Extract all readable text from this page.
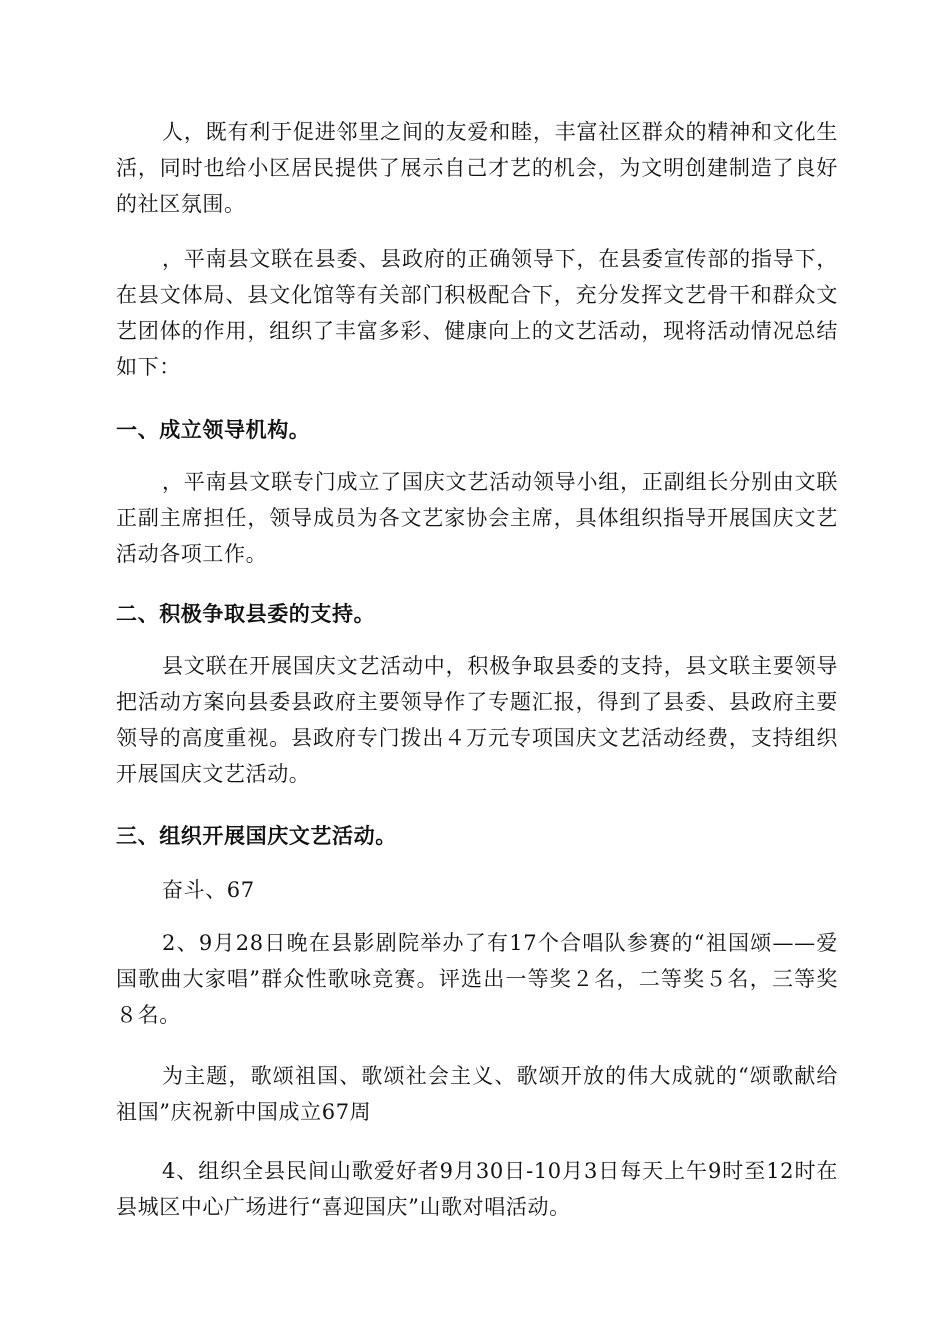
人，既有利于促进邻里之间的友爱和睦，丰富社区群众的精神和文化生活，同时也给小区居民提供了展示自己才艺的机会，为文明创建制造了良好的社区氛围。

，平南县文联在县委、县政府的正确领导下，在县委宣传部的指导下，在县文体局、县文化馆等有关部门积极配合下，充分发挥文艺骨干和群众文艺团体的作用，组织了丰富多彩、健康向上的文艺活动，现将活动情况总结如下：

一、成立领导机构。

，平南县文联专门成立了国庆文艺活动领导小组，正副组长分别由文联正副主席担任，领导成员为各文艺家协会主席，具体组织指导开展国庆文艺活动各项工作。

二、积极争取县委的支持。

县文联在开展国庆文艺活动中，积极争取县委的支持，县文联主要领导把活动方案向县委县政府主要领导作了专题汇报，得到了县委、县政府主要领导的高度重视。县政府专门拨出４万元专项国庆文艺活动经费，支持组织开展国庆文艺活动。

三、组织开展国庆文艺活动。

奋斗、67

2、9月28日晚在县影剧院举办了有17个合唱队参赛的“祖国颂——爱国歌曲大家唱”群众性歌咏竞赛。评选出一等奖２名，二等奖５名，三等奖８名。

为主题，歌颂祖国、歌颂社会主义、歌颂开放的伟大成就的“颂歌献给祖国”庆祝新中国成立67周

4、组织全县民间山歌爱好者9月30日-10月3日每天上午9时至12时在县城区中心广场进行“喜迎国庆”山歌对唱活动。
